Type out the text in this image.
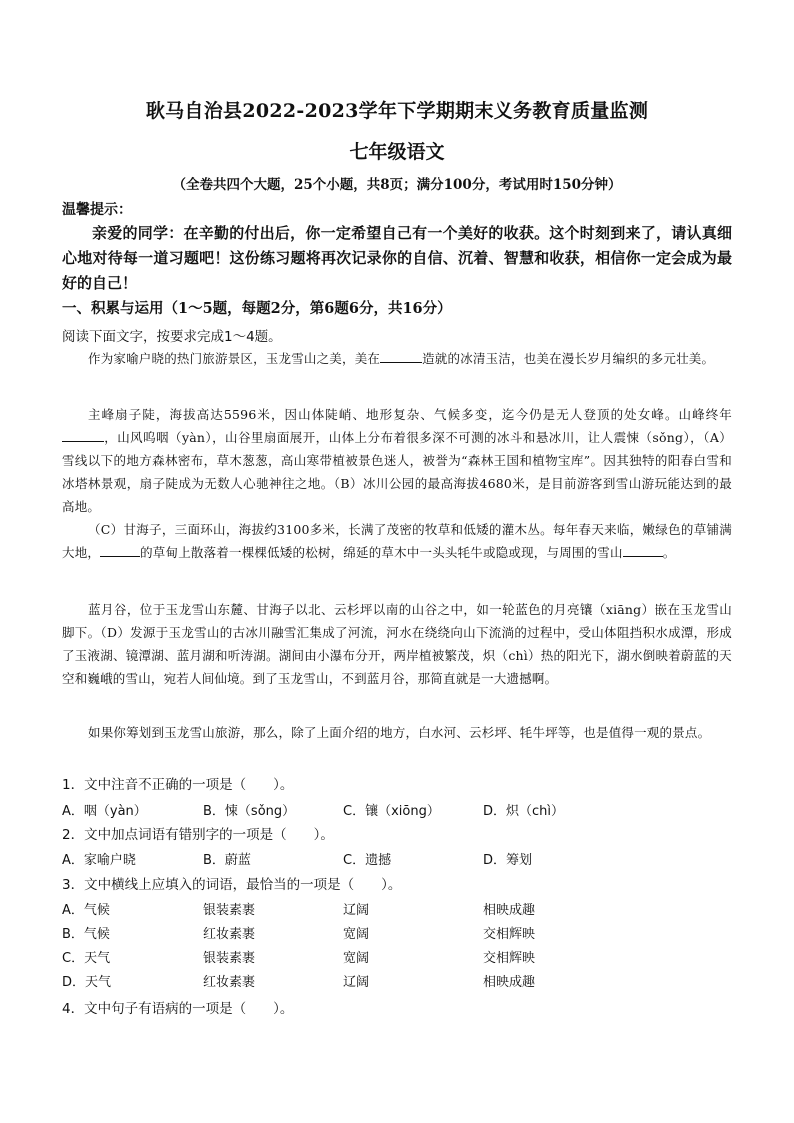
耿马自治县2022-2023学年下学期期末义务教育质量监测
七年级语文
（全卷共四个大题，25个小题，共8页；满分100分，考试用时150分钟）
温馨提示：
亲爱的同学：在辛勤的付出后，你一定希望自己有一个美好的收获。这个时刻到来了，请认真细心地对待每一道习题吧！这份练习题将再次记录你的自信、沉着、智慧和收获，相信你一定会成为最好的自己！
一、积累与运用（1～5题，每题2分，第6题6分，共16分）
阅读下面文字，按要求完成1～4题。
作为家喻户晓的热门旅游景区，玉龙雪山之美，美在	造就的冰清玉洁，也美在漫长岁月编织的多元壮美。
主峰扇子陡，海拔高达5596米，因山体陡峭、地形复杂、气候多变，迄今仍是无人登顶的处女峰。山峰终年，山风呜咽（yàn），山谷里扇面展开，山体上分布着很多深不可测的冰斗和悬冰川，让人震悚（sǒng），（A）雪线以下的地方森林密布，草木葱葱，高山寒带植被景色迷人，被誉为“森林王国和植物宝库”。因其独特的阳春白雪和冰塔林景观，扇子陡成为无数人心驰神往之地。（B）冰川公园的最高海拔4680米，是目前游客到雪山游玩能达到的最高地。
（C）甘海子，三面环山，海拔约3100多米，长满了茂密的牧草和低矮的灌木丛。每年春天来临，嫩绿色的草铺满大地，	的草甸上散落着一棵棵低矮的松树，绵延的草木中一头头牦牛或隐或现，与周围的雪山	。
蓝月谷，位于玉龙雪山东麓、甘海子以北、云杉坪以南的山谷之中，如一轮蓝色的月亮镶（xiāng）嵌在玉龙雪山脚下。（D）发源于玉龙雪山的古冰川融雪汇集成了河流，河水在绕绕向山下流淌的过程中，受山体阻挡积水成潭，形成了玉液湖、镜潭湖、蓝月湖和听涛湖。湖间由小瀑布分开，两岸植被繁茂，炽（chì）热的阳光下，湖水倒映着蔚蓝的天空和巍峨的雪山，宛若人间仙境。到了玉龙雪山，不到蓝月谷，那简直就是一大遗撼啊。
如果你筹划到玉龙雪山旅游，那么，除了上面介绍的地方，白水河、云杉坪、牦牛坪等，也是值得一观的景点。
1．文中注音不正确的一项是（　　）。
A．咽（yàn）	B．悚（sǒng）	C．镶（xiōng）	D．炽（chì）
2．文中加点词语有错别字的一项是（　　）。
A．家喻户晓	B．蔚蓝	C．遗撼	D．筹划
3．文中横线上应填入的词语，最恰当的一项是（　　）。
A．气候	银装素裹	辽阔	相映成趣
B．气候	红妆素裹	宽阔	交相辉映
C．天气	银装素裹	宽阔	交相辉映
D．天气	红妆素裹	辽阔	相映成趣
4．文中句子有语病的一项是（　　）。
